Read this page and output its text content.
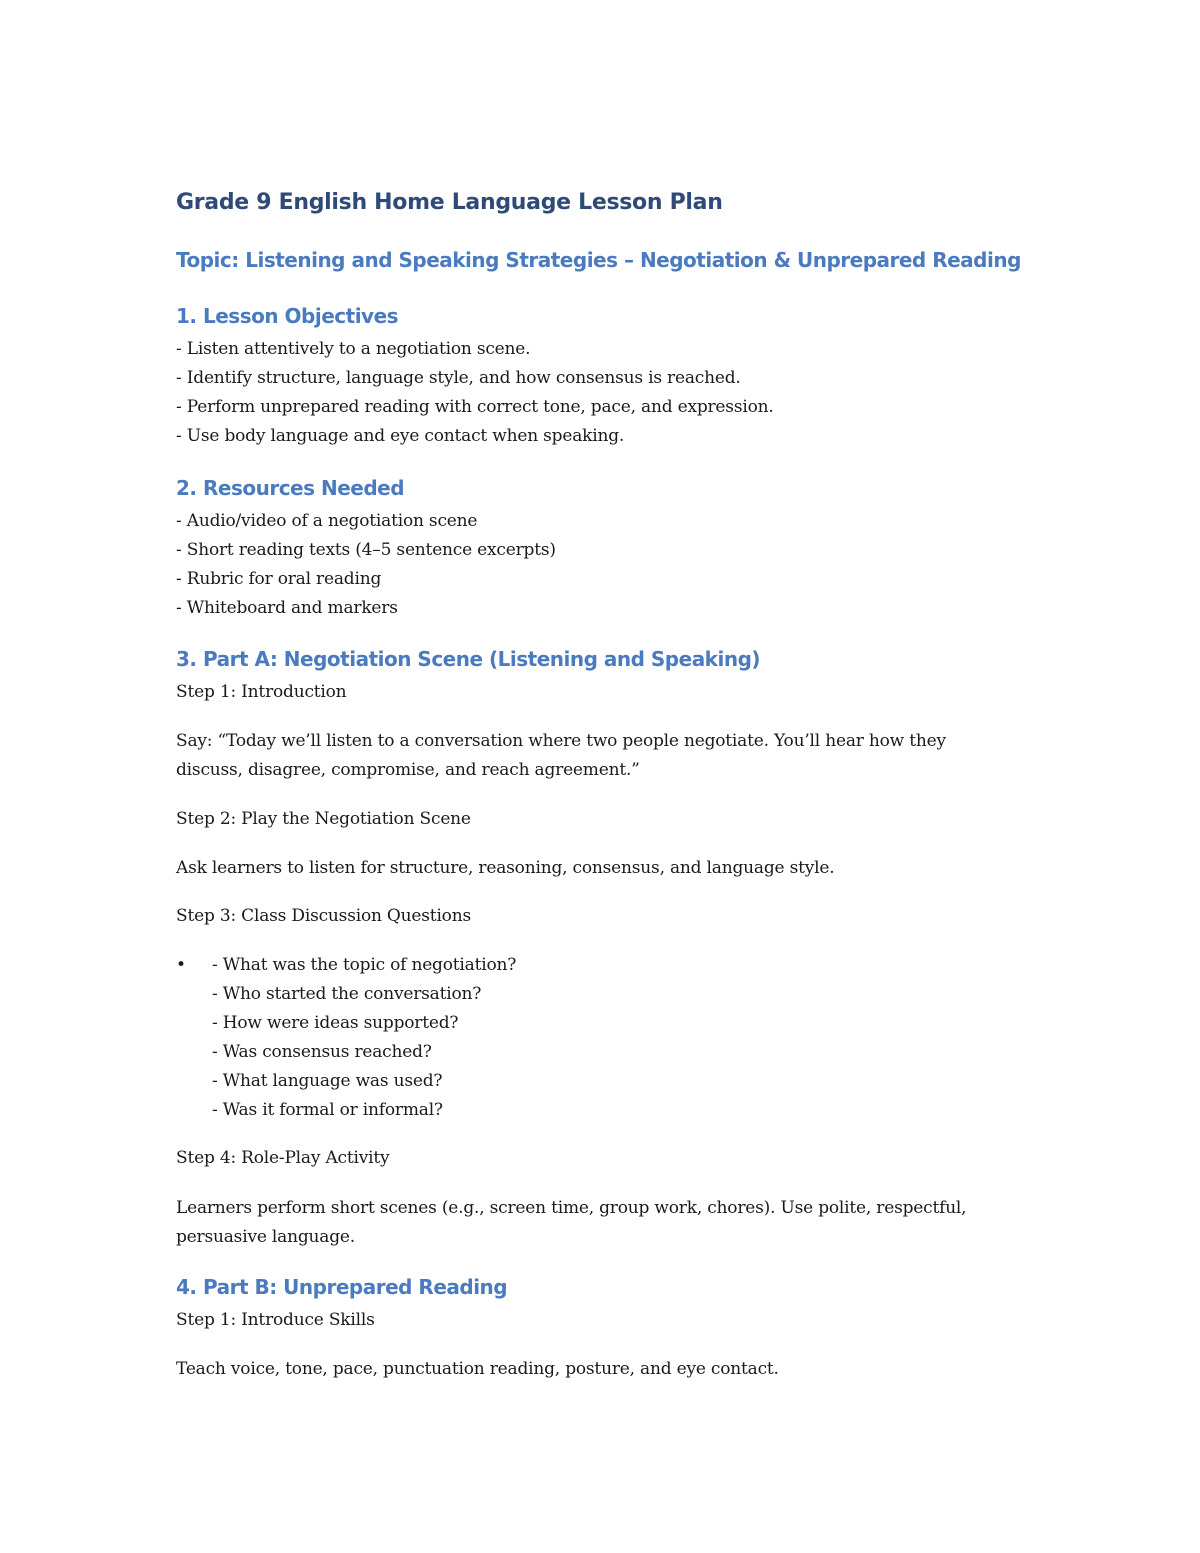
Grade 9 English Home Language Lesson Plan
Topic: Listening and Speaking Strategies – Negotiation & Unprepared Reading
1. Lesson Objectives
- Listen attentively to a negotiation scene.
- Identify structure, language style, and how consensus is reached.
- Perform unprepared reading with correct tone, pace, and expression.
- Use body language and eye contact when speaking.
2. Resources Needed
- Audio/video of a negotiation scene
- Short reading texts (4–5 sentence excerpts)
- Rubric for oral reading
- Whiteboard and markers
3. Part A: Negotiation Scene (Listening and Speaking)
Step 1: Introduction
Say: “Today we’ll listen to a conversation where two people negotiate. You’ll hear how they
discuss, disagree, compromise, and reach agreement.”
Step 2: Play the Negotiation Scene
Ask learners to listen for structure, reasoning, consensus, and language style.
Step 3: Class Discussion Questions
• - What was the topic of negotiation?
- Who started the conversation?
- How were ideas supported?
- Was consensus reached?
- What language was used?
- Was it formal or informal?
Step 4: Role-Play Activity
Learners perform short scenes (e.g., screen time, group work, chores). Use polite, respectful,
persuasive language.
4. Part B: Unprepared Reading
Step 1: Introduce Skills
Teach voice, tone, pace, punctuation reading, posture, and eye contact.
